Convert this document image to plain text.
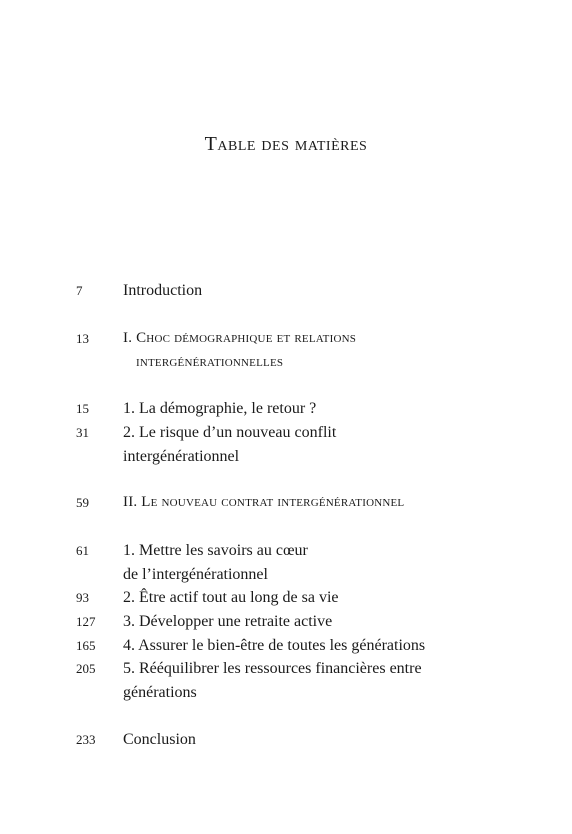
Table des matières
7	Introduction
13	I. Choc démographique et relations
intergénérationnelles
15	1. La démographie, le retour ?
31	2. Le risque d’un nouveau conflit
intergénérationnel
59	II. Le nouveau contrat intergénérationnel
61	1. Mettre les savoirs au cœur
de l’intergénérationnel
93	2. Être actif tout au long de sa vie
127	3. Développer une retraite active
165	4. Assurer le bien-être de toutes les générations
205	5. Rééquilibrer les ressources financières entre
générations
233	Conclusion
